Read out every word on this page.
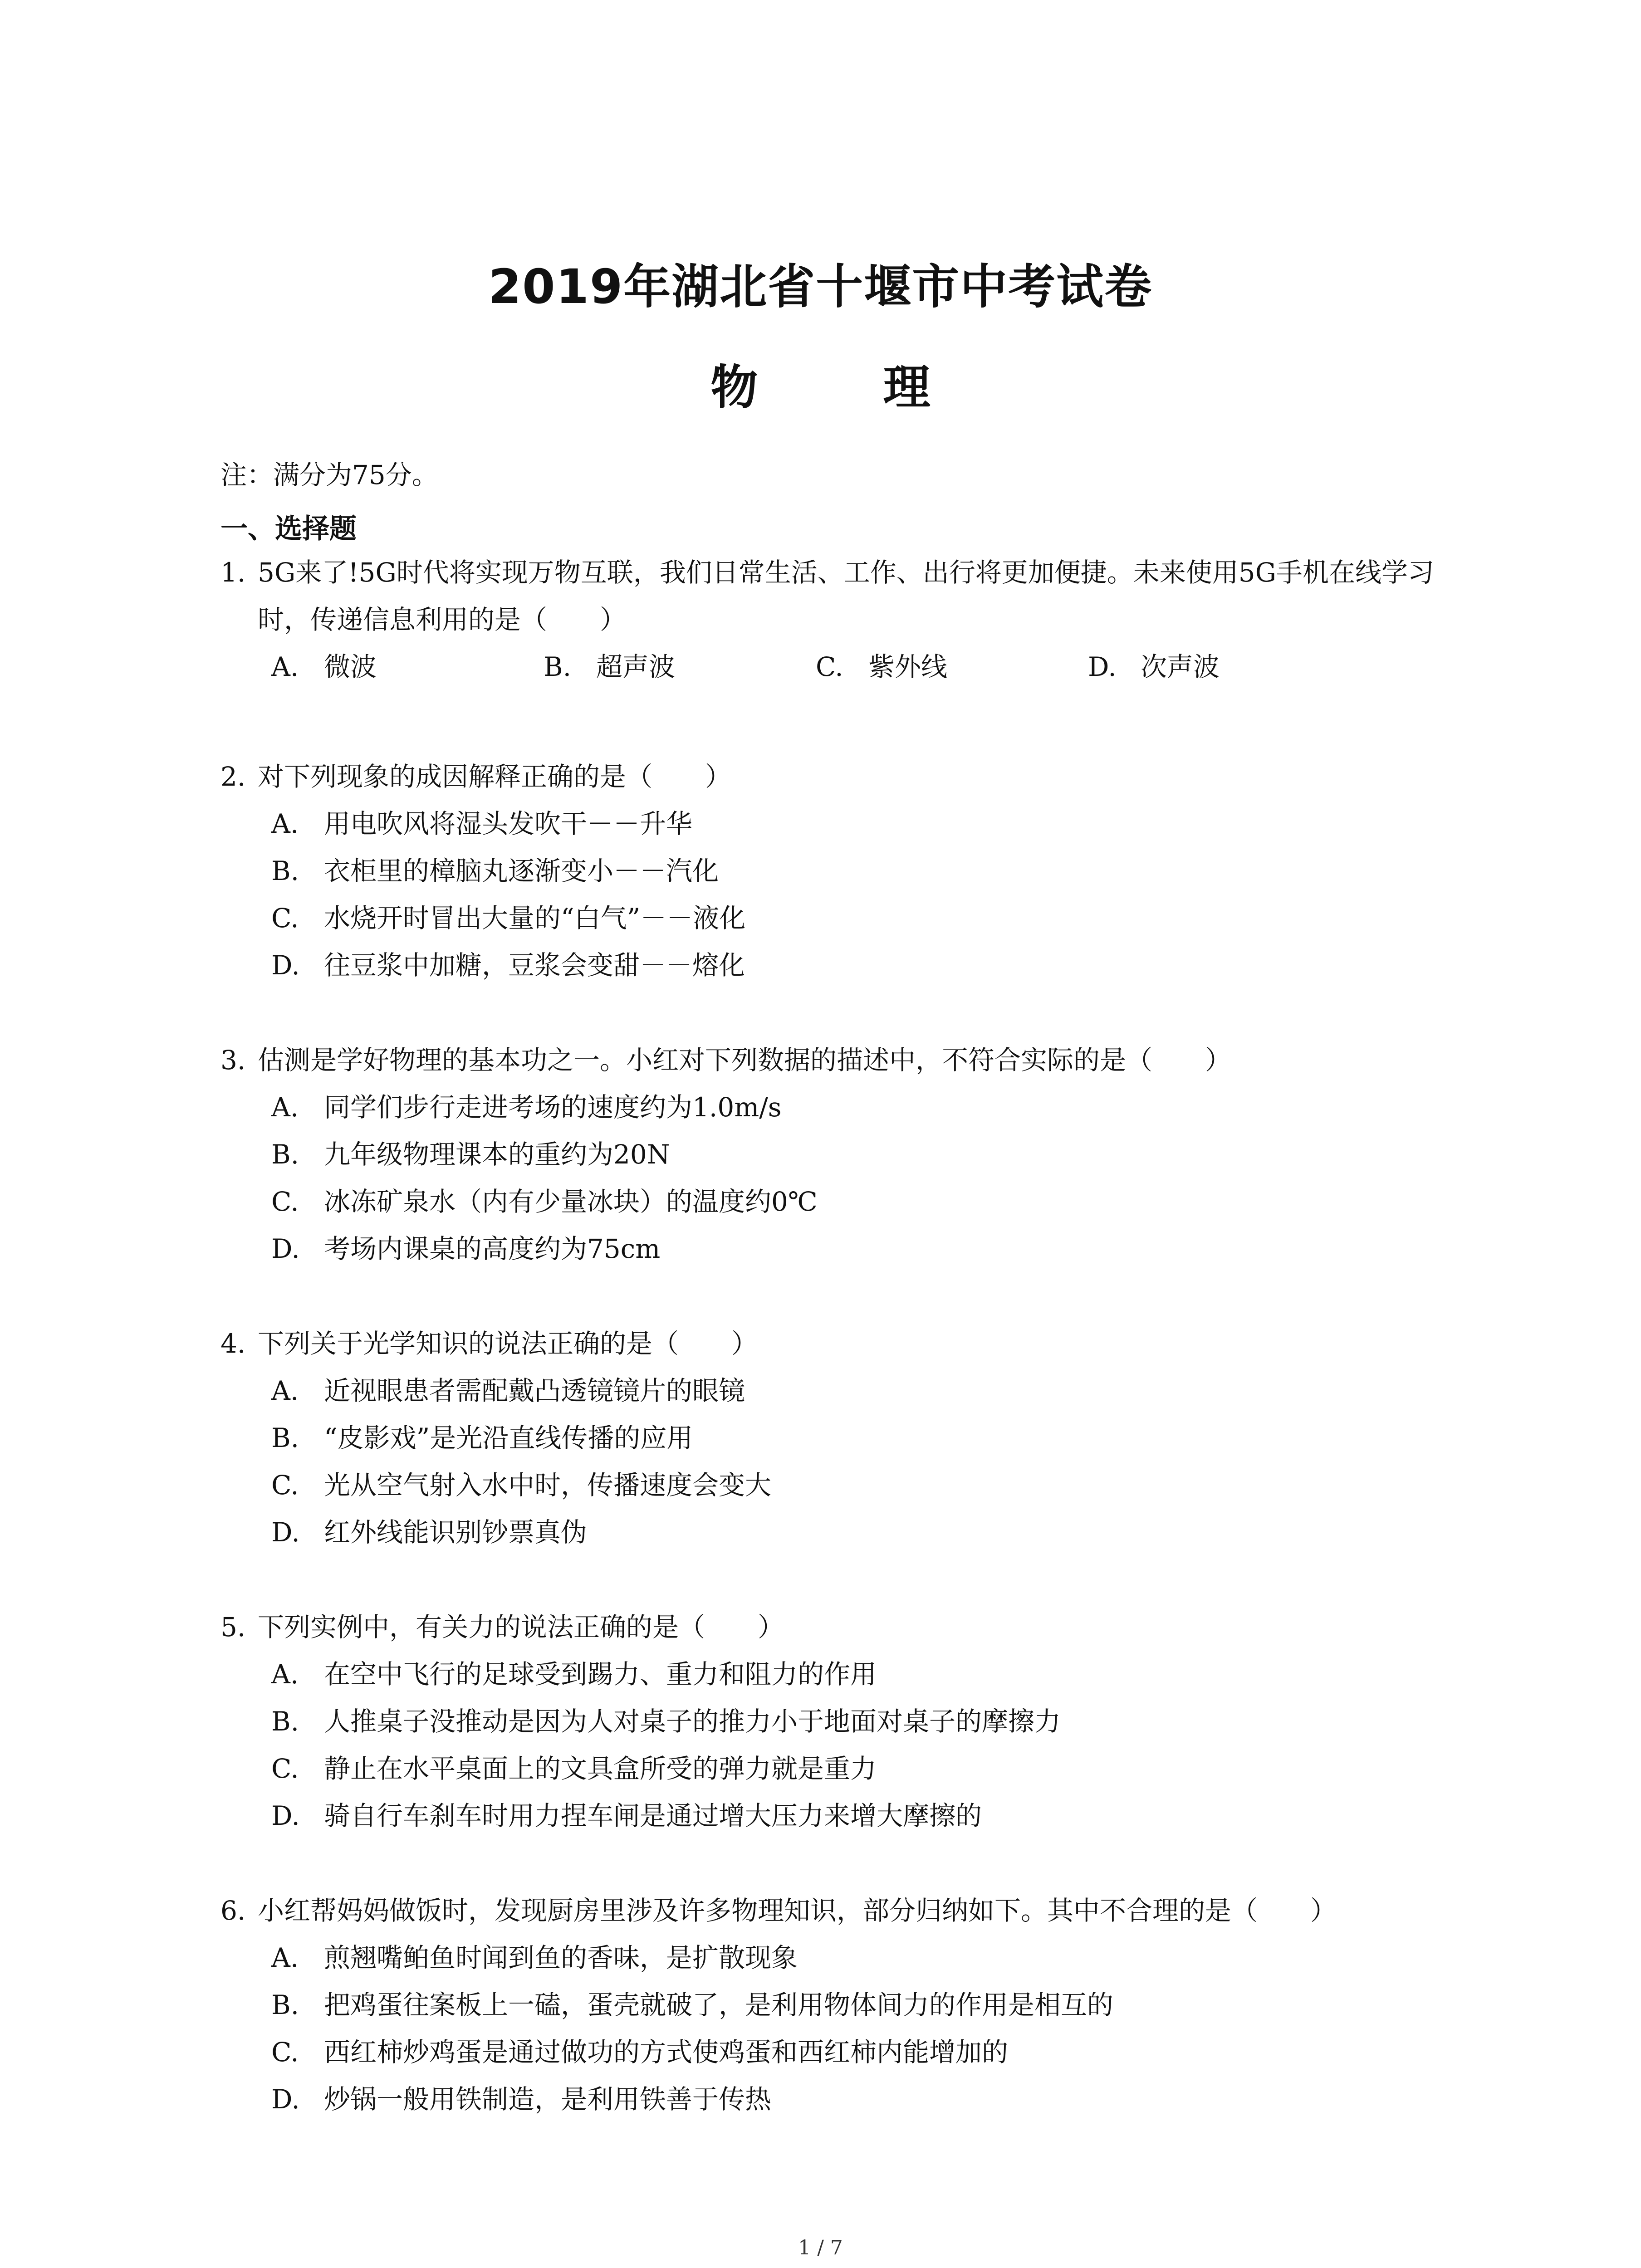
2019年湖北省十堰市中考试卷
物 理
注：满分为75分。
一、选择题
1. 5G来了!5G时代将实现万物互联，我们日常生活、工作、出行将更加便捷。未来使用5G手机在线学习时，传递信息利用的是（　　）
A. 微波	B. 超声波	C. 紫外线	D. 次声波
2. 对下列现象的成因解释正确的是（　　）
A. 用电吹风将湿头发吹干－－升华
B. 衣柜里的樟脑丸逐渐变小－－汽化
C. 水烧开时冒出大量的“白气”－－液化
D. 往豆浆中加糖，豆浆会变甜－－熔化
3. 估测是学好物理的基本功之一。小红对下列数据的描述中，不符合实际的是（　　）
A. 同学们步行走进考场的速度约为1.0m/s
B. 九年级物理课本的重约为20N
C. 冰冻矿泉水（内有少量冰块）的温度约0℃
D. 考场内课桌的高度约为75cm
4. 下列关于光学知识的说法正确的是（　　）
A. 近视眼患者需配戴凸透镜镜片的眼镜
B. “皮影戏”是光沿直线传播的应用
C. 光从空气射入水中时，传播速度会变大
D. 红外线能识别钞票真伪
5. 下列实例中，有关力的说法正确的是（　　）
A. 在空中飞行的足球受到踢力、重力和阻力的作用
B. 人推桌子没推动是因为人对桌子的推力小于地面对桌子的摩擦力
C. 静止在水平桌面上的文具盒所受的弹力就是重力
D. 骑自行车刹车时用力捏车闸是通过增大压力来增大摩擦的
6. 小红帮妈妈做饭时，发现厨房里涉及许多物理知识，部分归纳如下。其中不合理的是（　　）
A. 煎翘嘴鲌鱼时闻到鱼的香味，是扩散现象
B. 把鸡蛋往案板上一磕，蛋壳就破了，是利用物体间力的作用是相互的
C. 西红柿炒鸡蛋是通过做功的方式使鸡蛋和西红柿内能增加的
D. 炒锅一般用铁制造，是利用铁善于传热
1 / 7
